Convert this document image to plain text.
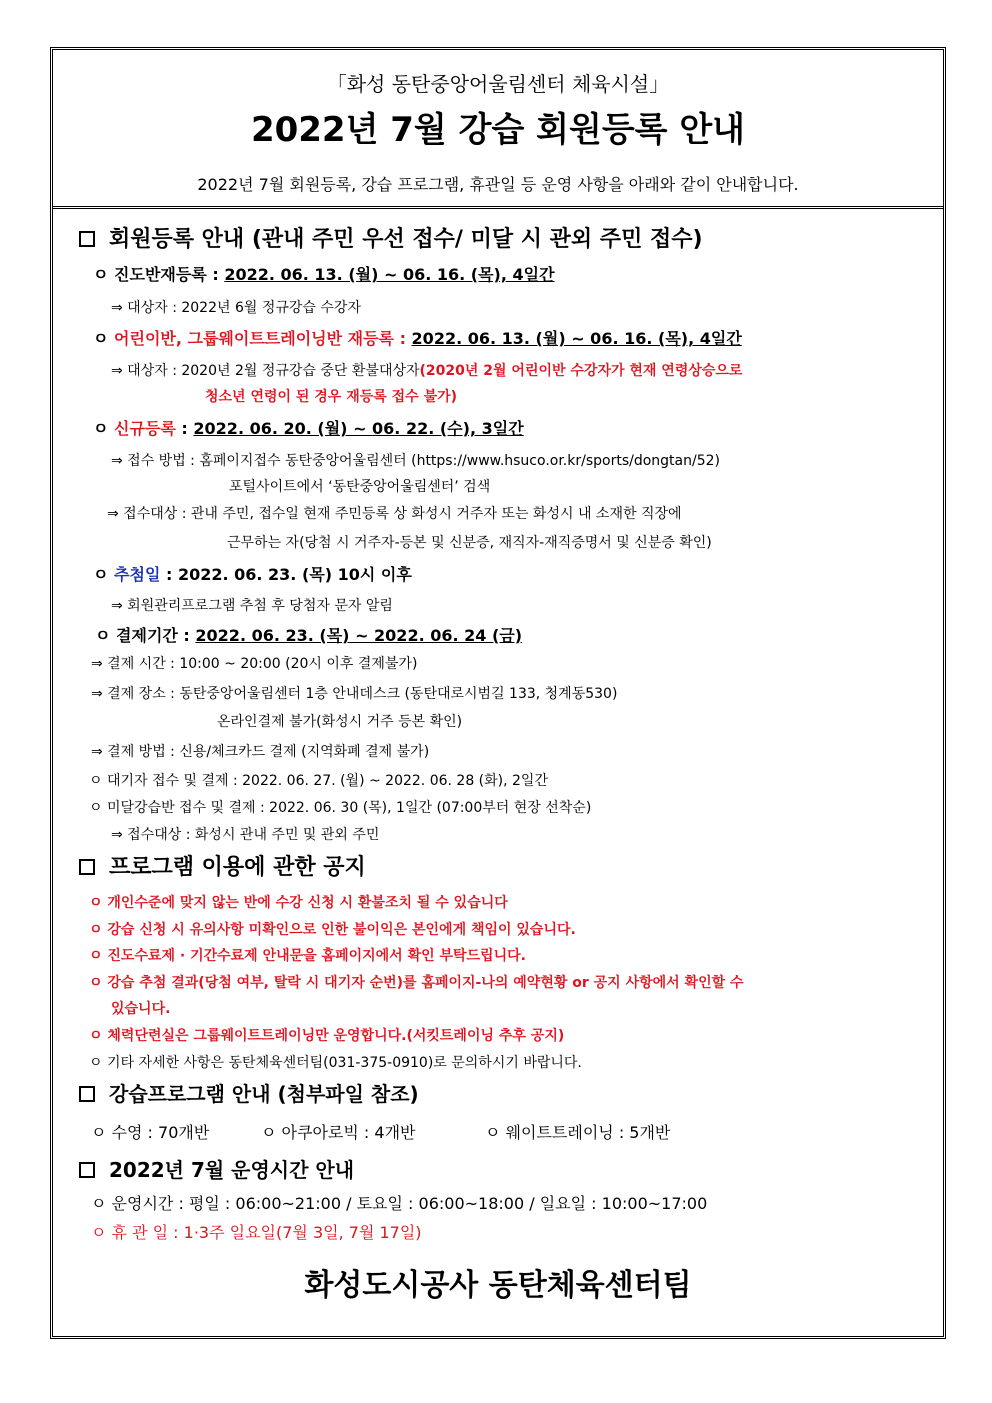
「화성 동탄중앙어울림센터 체육시설」
2022년 7월 강습 회원등록 안내
2022년 7월 회원등록, 강습 프로그램, 휴관일 등 운영 사항을 아래와 같이 안내합니다.
회원등록 안내 (관내 주민 우선 접수/ 미달 시 관외 주민 접수)
ㅇ 진도반재등록 : 2022. 06. 13. (월) ~ 06. 16. (목), 4일간
⇒ 대상자 : 2022년 6월 정규강습 수강자
ㅇ 어린이반, 그룹웨이트트레이닝반 재등록 : 2022. 06. 13. (월) ~ 06. 16. (목), 4일간
⇒ 대상자 : 2020년 2월 정규강습 중단 환불대상자(2020년 2월 어린이반 수강자가 현재 연령상승으로
청소년 연령이 된 경우 재등록 접수 불가)
ㅇ 신규등록 : 2022. 06. 20. (월) ~ 06. 22. (수), 3일간
⇒ 접수 방법 : 홈페이지접수 동탄중앙어울림센터 (https://www.hsuco.or.kr/sports/dongtan/52)
포털사이트에서 ‘동탄중앙어울림센터’ 검색
⇒ 접수대상 : 관내 주민, 접수일 현재 주민등록 상 화성시 거주자 또는 화성시 내 소재한 직장에
근무하는 자(당첨 시 거주자-등본 및 신분증, 재직자-재직증명서 및 신분증 확인)
ㅇ 추첨일 : 2022. 06. 23. (목) 10시 이후
⇒ 회원관리프로그램 추첨 후 당첨자 문자 알림
ㅇ 결제기간 : 2022. 06. 23. (목) ~ 2022. 06. 24 (금)
⇒ 결제 시간 : 10:00 ~ 20:00 (20시 이후 결제불가)
⇒ 결제 장소 : 동탄중앙어울림센터 1층 안내데스크 (동탄대로시범길 133, 청계동530)
온라인결제 불가(화성시 거주 등본 확인)
⇒ 결제 방법 : 신용/체크카드 결제 (지역화폐 결제 불가)
ㅇ 대기자 접수 및 결제 : 2022. 06. 27. (월) ~ 2022. 06. 28 (화), 2일간
ㅇ 미달강습반 접수 및 결제 : 2022. 06. 30 (목), 1일간 (07:00부터 현장 선착순)
⇒ 접수대상 : 화성시 관내 주민 및 관외 주민
프로그램 이용에 관한 공지
ㅇ 개인수준에 맞지 않는 반에 수강 신청 시 환불조치 될 수 있습니다
ㅇ 강습 신청 시 유의사항 미확인으로 인한 불이익은 본인에게 책임이 있습니다.
ㅇ 진도수료제 · 기간수료제 안내문을 홈페이지에서 확인 부탁드립니다.
ㅇ 강습 추첨 결과(당첨 여부, 탈락 시 대기자 순번)를 홈페이지-나의 예약현황 or 공지 사항에서 확인할 수
있습니다.
ㅇ 체력단련실은 그룹웨이트트레이닝만 운영합니다.(서킷트레이닝 추후 공지)
ㅇ 기타 자세한 사항은 동탄체육센터팀(031-375-0910)로 문의하시기 바랍니다.
강습프로그램 안내 (첨부파일 참조)
ㅇ 수영 : 70개반	ㅇ 아쿠아로빅 : 4개반	ㅇ 웨이트트레이닝 : 5개반
2022년 7월 운영시간 안내
ㅇ 운영시간 : 평일 : 06:00~21:00 / 토요일 : 06:00~18:00 / 일요일 : 10:00~17:00
ㅇ 휴 관 일 : 1·3주 일요일(7월 3일, 7월 17일)
화성도시공사 동탄체육센터팀
